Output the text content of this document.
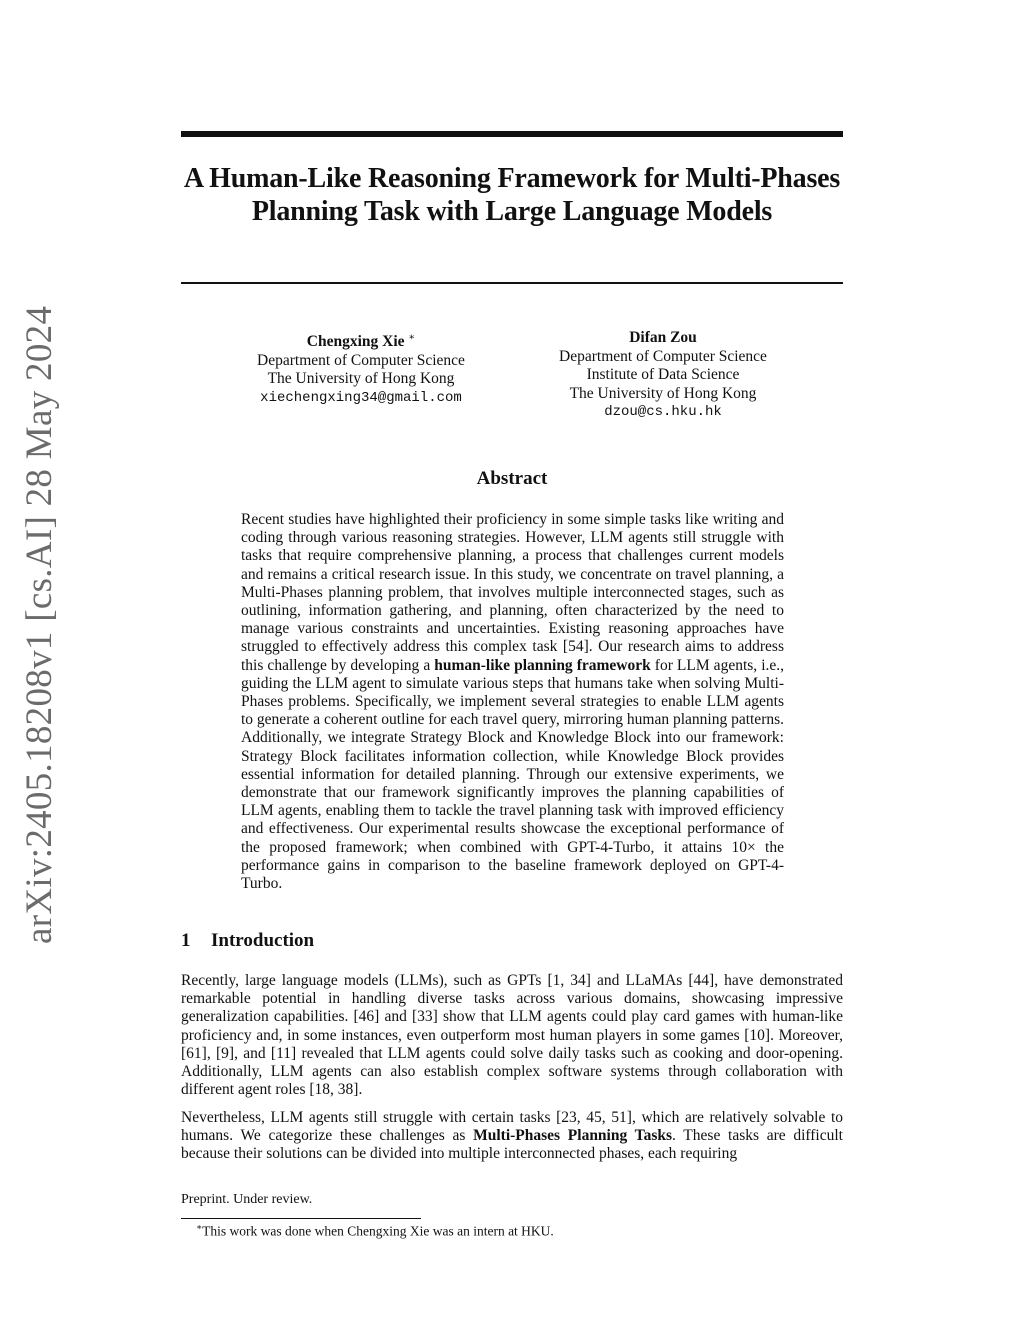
arXiv:2405.18208v1 [cs.AI] 28 May 2024
A Human-Like Reasoning Framework for Multi-Phases Planning Task with Large Language Models
Chengxing Xie ∗
Department of Computer Science
The University of Hong Kong
xiechengxing34@gmail.com
Difan Zou
Department of Computer Science
Institute of Data Science
The University of Hong Kong
dzou@cs.hku.hk
Abstract
Recent studies have highlighted their proficiency in some simple tasks like writing and coding through various reasoning strategies. However, LLM agents still struggle with tasks that require comprehensive planning, a process that challenges current models and remains a critical research issue. In this study, we concentrate on travel planning, a Multi-Phases planning problem, that involves multiple interconnected stages, such as outlining, information gathering, and planning, often characterized by the need to manage various constraints and uncertainties. Existing reasoning approaches have struggled to effectively address this complex task [54]. Our research aims to address this challenge by developing a human-like planning framework for LLM agents, i.e., guiding the LLM agent to simulate various steps that humans take when solving Multi-Phases problems. Specifically, we implement several strategies to enable LLM agents to generate a coherent outline for each travel query, mirroring human planning patterns. Additionally, we integrate Strategy Block and Knowledge Block into our framework: Strategy Block facilitates information collection, while Knowledge Block provides essential information for detailed planning. Through our extensive experiments, we demonstrate that our framework significantly improves the planning capabilities of LLM agents, enabling them to tackle the travel planning task with improved efficiency and effectiveness. Our experimental results showcase the exceptional performance of the proposed framework; when combined with GPT-4-Turbo, it attains 10× the performance gains in comparison to the baseline framework deployed on GPT-4-Turbo.
1 Introduction
Recently, large language models (LLMs), such as GPTs [1, 34] and LLaMAs [44], have demonstrated remarkable potential in handling diverse tasks across various domains, showcasing impressive generalization capabilities. [46] and [33] show that LLM agents could play card games with human-like proficiency and, in some instances, even outperform most human players in some games [10]. Moreover, [61], [9], and [11] revealed that LLM agents could solve daily tasks such as cooking and door-opening. Additionally, LLM agents can also establish complex software systems through collaboration with different agent roles [18, 38].
Nevertheless, LLM agents still struggle with certain tasks [23, 45, 51], which are relatively solvable to humans. We categorize these challenges as Multi-Phases Planning Tasks. These tasks are difficult because their solutions can be divided into multiple interconnected phases, each requiring
Preprint. Under review.
∗This work was done when Chengxing Xie was an intern at HKU.
